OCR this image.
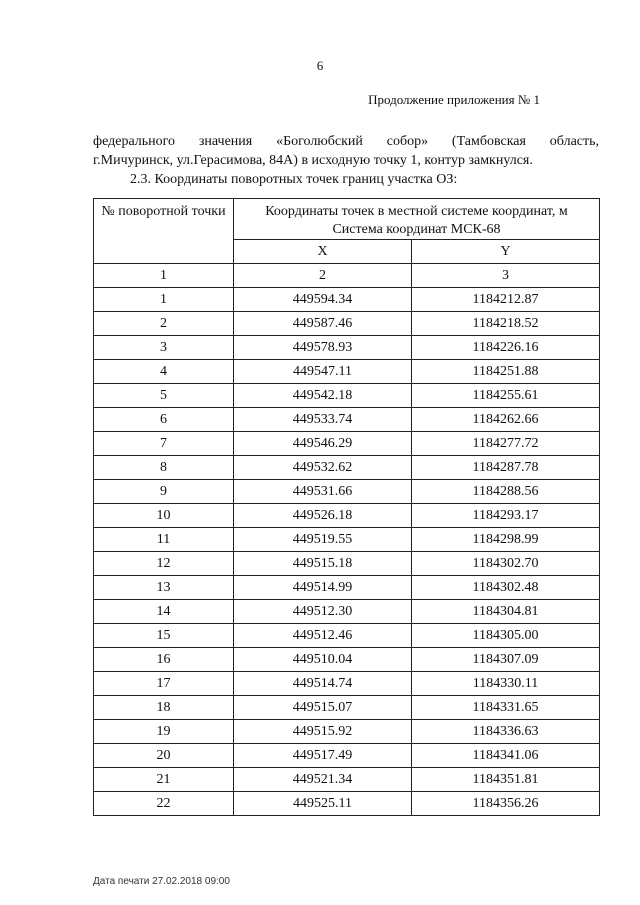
6
Продолжение приложения № 1
федерального значения «Боголюбский собор» (Тамбовская область,
г.Мичуринск, ул.Герасимова, 84А) в исходную точку 1, контур замкнулся.
2.3. Координаты поворотных точек границ участка ОЗ:
№ поворотной точки	Координаты точек в местной системе координат, м
Система координат МСК-68	
	X	Y
1	2	3
1	449594.34	1184212.87
2	449587.46	1184218.52
3	449578.93	1184226.16
4	449547.11	1184251.88
5	449542.18	1184255.61
6	449533.74	1184262.66
7	449546.29	1184277.72
8	449532.62	1184287.78
9	449531.66	1184288.56
10	449526.18	1184293.17
11	449519.55	1184298.99
12	449515.18	1184302.70
13	449514.99	1184302.48
14	449512.30	1184304.81
15	449512.46	1184305.00
16	449510.04	1184307.09
17	449514.74	1184330.11
18	449515.07	1184331.65
19	449515.92	1184336.63
20	449517.49	1184341.06
21	449521.34	1184351.81
22	449525.11	1184356.26
Дата печати 27.02.2018 09:00
